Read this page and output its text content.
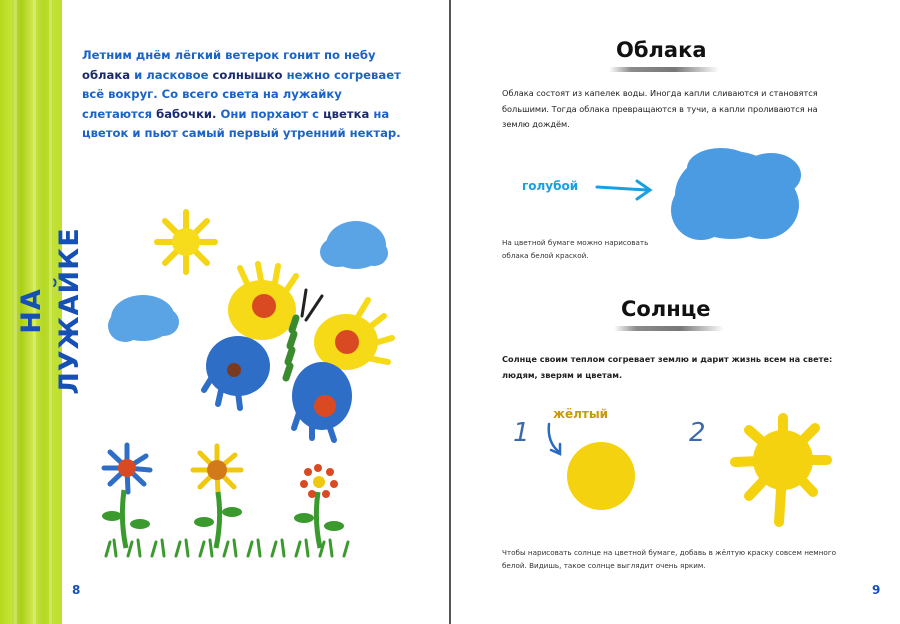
НА ЛУЖАЙКЕ
Летним днём лёгкий ветерок гонит по небу облака и ласковое солнышко нежно согревает всё вокруг. Со всего света на лужайку слетаются бабочки. Они порхают с цветка на цветок и пьют самый первый утренний нектар.
8
Облака
Облака состоят из капелек воды. Иногда капли сливаются и становятся большими. Тогда облака превращаются в тучи, а капли проливаются на землю дождём.
голубой
На цветной бумаге можно нарисовать облака белой краской.
Солнце
Солнце своим теплом согревает землю и дарит жизнь всем на свете: людям, зверям и цветам.
1
жёлтый
2
Чтобы нарисовать солнце на цветной бумаге, добавь в жёлтую краску совсем немного белой. Видишь, такое солнце выглядит очень ярким.
9
